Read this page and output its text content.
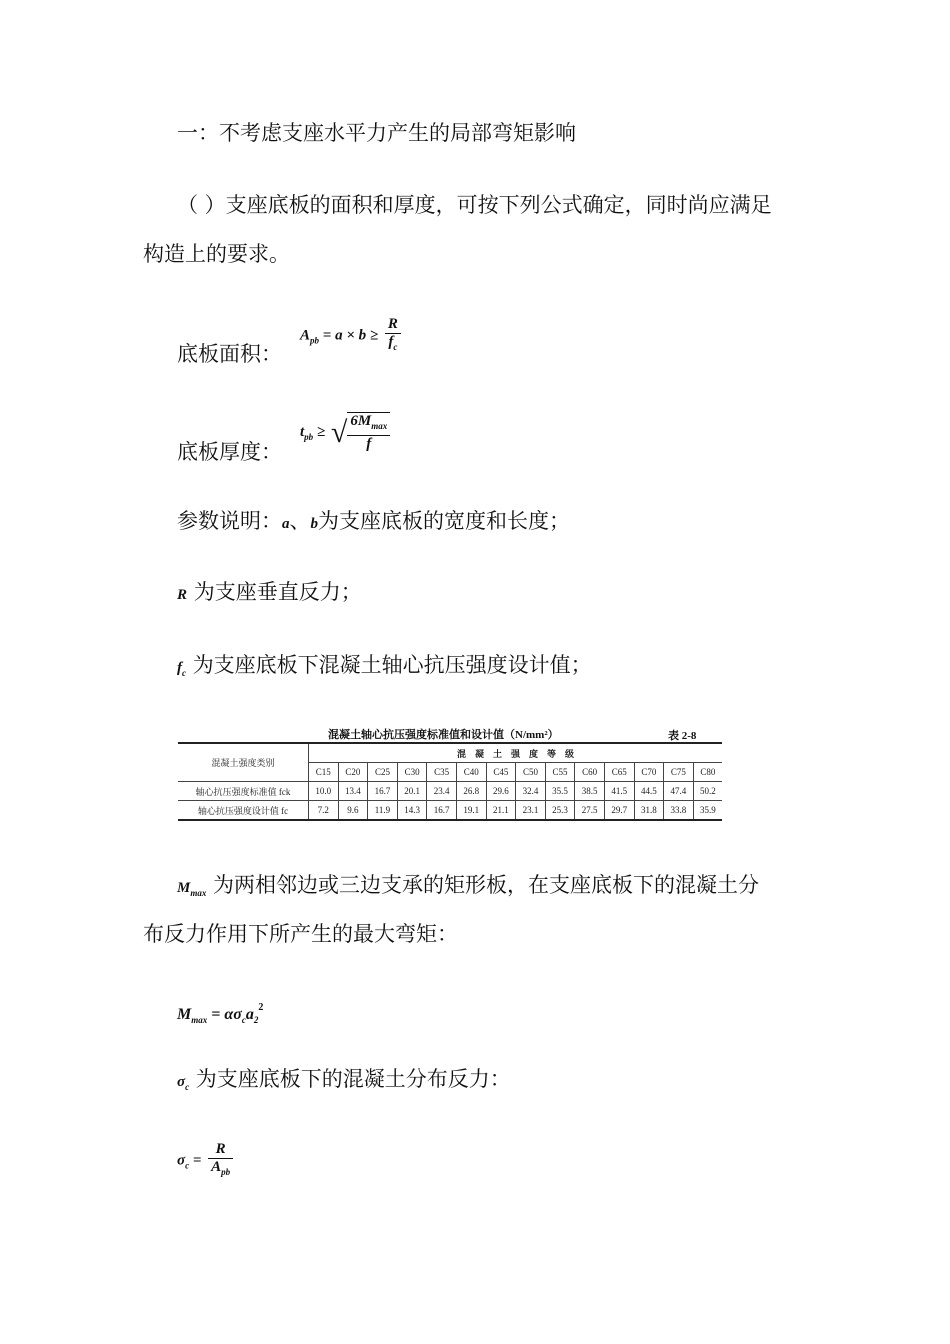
一：不考虑支座水平力产生的局部弯矩影响
（ ）支座底板的面积和厚度，可按下列公式确定，同时尚应满足
构造上的要求。
底板面积：
$A_{pb} = a \times b \ge \frac{R}{f_c}$
底板厚度：
$t_{pb}$ ≥ √ $\frac{6M_{max}}{f}$
参数说明：a、b为支座底板的宽度和长度；
R 为支座垂直反力；
$f_c$ 为支座底板下混凝土轴心抗压强度设计值；
混凝土轴心抗压强度标准值和设计值（N/mm²）	表 2-8
混凝土强度类别	混　凝　土　强　度　等　级													
	C15	C20	C25	C30	C35	C40	C45	C50	C55	C60	C65	C70	C75	C80
轴心抗压强度标准值 fck	10.0	13.4	16.7	20.1	23.4	26.8	29.6	32.4	35.5	38.5	41.5	44.5	47.4	50.2
轴心抗压强度设计值 fc	7.2	9.6	11.9	14.3	16.7	19.1	21.1	23.1	25.3	27.5	29.7	31.8	33.8	35.9
$M_{max}$ 为两相邻边或三边支承的矩形板，在支座底板下的混凝土分
布反力作用下所产生的最大弯矩：
$M_{max} = \alpha\sigma_ca_2^2$
$\sigma_c$ 为支座底板下的混凝土分布反力：
$\sigma_c = \frac{R}{A_{pb}}$
